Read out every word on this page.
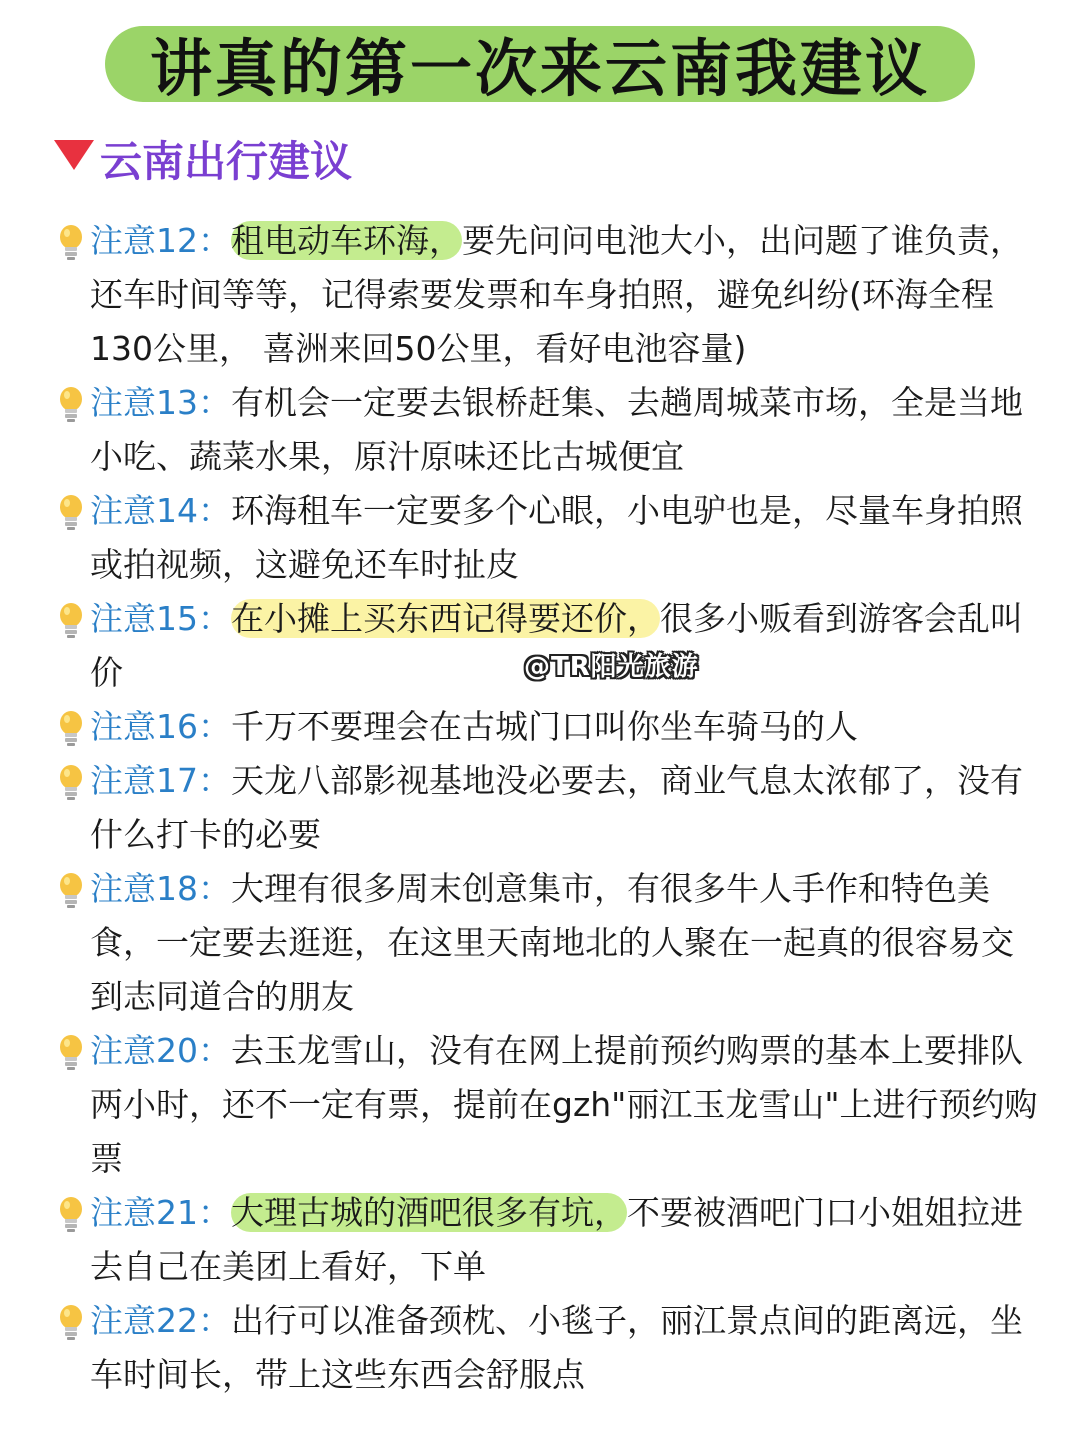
讲真的第一次来云南我建议
云南出行建议
注意12：租电动车环海，要先问问电池大小，出问题了谁负责，还车时间等等，记得索要发票和车身拍照，避免纠纷(环海全程130公里， 喜洲来回50公里，看好电池容量)
注意13：有机会一定要去银桥赶集、去趟周城菜市场，全是当地小吃、蔬菜水果，原汁原味还比古城便宜
注意14：环海租车一定要多个心眼，小电驴也是，尽量车身拍照或拍视频，这避免还车时扯皮
注意15：在小摊上买东西记得要还价，很多小贩看到游客会乱叫价
注意16：千万不要理会在古城门口叫你坐车骑马的人
注意17：天龙八部影视基地没必要去，商业气息太浓郁了，没有什么打卡的必要
注意18：大理有很多周末创意集市，有很多牛人手作和特色美食，一定要去逛逛，在这里天南地北的人聚在一起真的很容易交到志同道合的朋友
注意20：去玉龙雪山，没有在网上提前预约购票的基本上要排队两小时，还不一定有票，提前在gzh"丽江玉龙雪山"上进行预约购票
注意21：大理古城的酒吧很多有坑，不要被酒吧门口小姐姐拉进去自己在美团上看好，下单
注意22：出行可以准备颈枕、小毯子，丽江景点间的距离远，坐车时间长，带上这些东西会舒服点
@TR阳光旅游
